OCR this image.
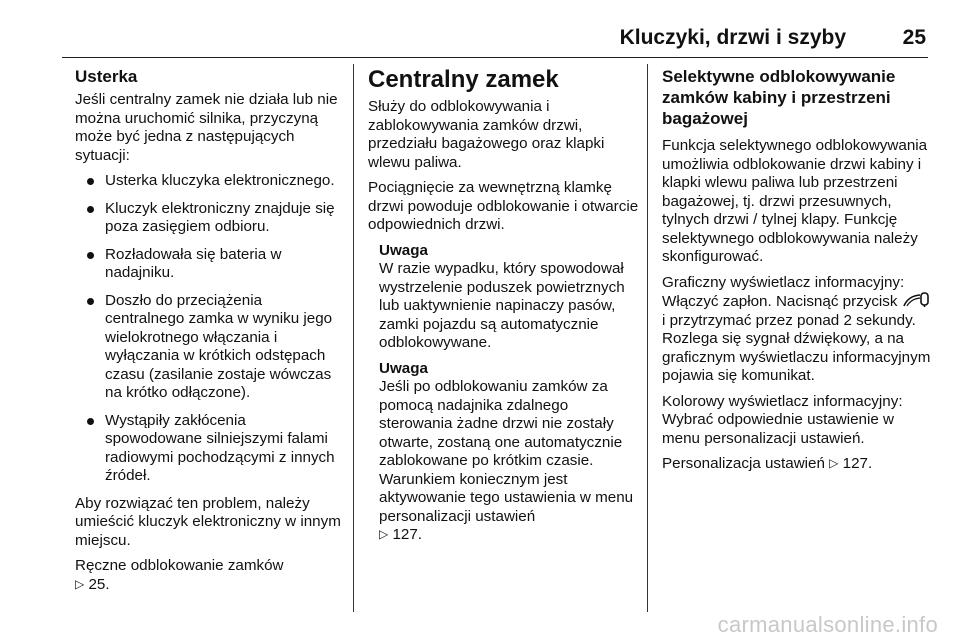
Kluczyki, drzwi i szyby	25
Usterka

Jeśli centralny zamek nie działa lub nie można uruchomić silnika, przyczyną może być jedna z następujących sytuacji:

Usterka kluczyka elektronicznego.
Kluczyk elektroniczny znajduje się poza zasięgiem odbioru.
Rozładowała się bateria w nadajniku.
Doszło do przeciążenia centralnego zamka w wyniku jego wielokrotnego włączania i wyłączania w krótkich odstępach czasu (zasilanie zostaje wówczas na krótko odłączone).
Wystąpiły zakłócenia spowodowane silniejszymi falami radiowymi pochodzącymi z innych źródeł.

Aby rozwiązać ten problem, należy umieścić kluczyk elektroniczny w innym miejscu.

Ręczne odblokowanie zamków
▷ 25.

Centralny zamek

Służy do odblokowywania i zablokowywania zamków drzwi, przedziału bagażowego oraz klapki wlewu paliwa.

Pociągnięcie za wewnętrzną klamkę drzwi powoduje odblokowanie i otwarcie odpowiednich drzwi.

Uwaga
W razie wypadku, który spowodował wystrzelenie poduszek powietrznych lub uaktywnienie napinaczy pasów, zamki pojazdu są automatycznie odblokowywane.
Uwaga
Jeśli po odblokowaniu zamków za pomocą nadajnika zdalnego sterowania żadne drzwi nie zostały otwarte, zostaną one automatycznie zablokowane po krótkim czasie. Warunkiem koniecznym jest aktywowanie tego ustawienia w menu personalizacji ustawień
▷ 127.
Selektywne odblokowywanie zamków kabiny i przestrzeni bagażowej

Funkcja selektywnego odblokowywania umożliwia odblokowanie drzwi kabiny i klapki wlewu paliwa lub przestrzeni bagażowej, tj. drzwi przesuwnych, tylnych drzwi / tylnej klapy. Funkcję selektywnego odblokowywania należy skonfigurować.

Graficzny wyświetlacz informacyjny: Włączyć zapłon. Nacisnąć przycisk  i przytrzymać przez ponad 2 sekundy. Rozlega się sygnał dźwiękowy, a na graficznym wyświetlaczu informacyjnym pojawia się komunikat.

Kolorowy wyświetlacz informacyjny: Wybrać odpowiednie ustawienie w menu personalizacji ustawień.

Personalizacja ustawień ▷ 127.

carmanualsonline.info
